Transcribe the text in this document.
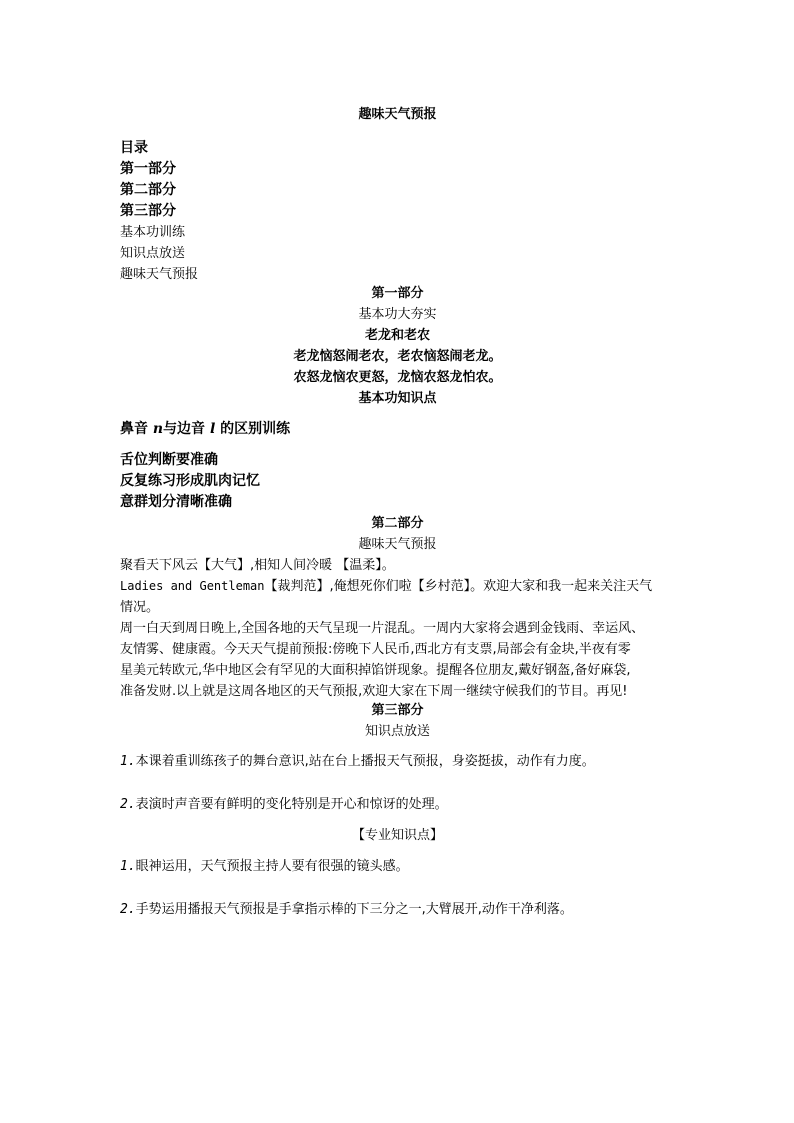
趣味天气预报
目录
第一部分
第二部分
第三部分
基本功训练
知识点放送
趣味天气预报
第一部分
基本功大夯实
老龙和老农
老龙恼怒闹老农，老农恼怒闹老龙。
农怒龙恼农更怒，龙恼农怒龙怕农。
基本功知识点
鼻音 n与边音 l 的区别训练
舌位判断要准确
反复练习形成肌肉记忆
意群划分清晰准确
第二部分
趣味天气预报
聚看天下风云【大气】,相知人间冷暖 【温柔】。
Ladies and Gentleman【裁判范】,俺想死你们啦【乡村范】。欢迎大家和我一起来关注天气
情况。
周一白天到周日晚上,全国各地的天气呈现一片混乱。一周内大家将会遇到金钱雨、幸运风、
友情雾、健康霞。今天天气提前预报:傍晚下人民币,西北方有支票,局部会有金块,半夜有零
星美元转欧元,华中地区会有罕见的大面积掉馅饼现象。提醒各位朋友,戴好钢盔,备好麻袋,
准备发财.以上就是这周各地区的天气预报,欢迎大家在下周一继续守候我们的节目。再见!
第三部分
知识点放送
1.本课着重训练孩子的舞台意识,站在台上播报天气预报，身姿挺拔，动作有力度。
2.表演时声音要有鲜明的变化特别是开心和惊讶的处理。
【专业知识点】
1.眼神运用，天气预报主持人要有很强的镜头感。
2.手势运用播报天气预报是手拿指示棒的下三分之一,大臂展开,动作干净利落。
